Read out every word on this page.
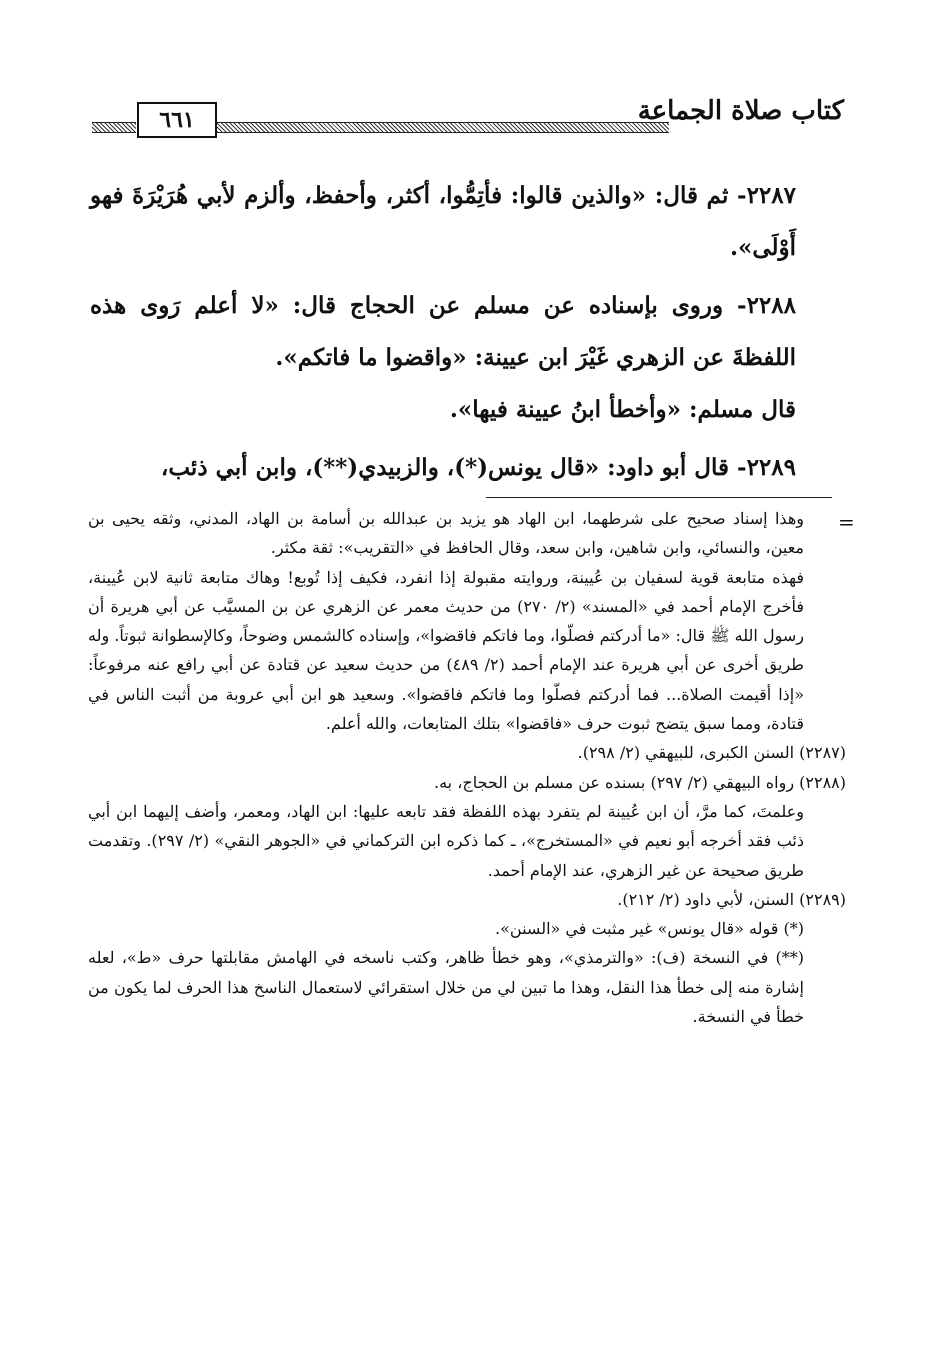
٦٦١	كتاب صلاة الجماعة

٢٢٨٧- ثم قال: «والذين قالوا: فأتِمُّوا، أكثر، وأحفظ، وألزم لأبي هُرَيْرَةَ فهو أَوْلَى».

٢٢٨٨- وروى بإسناده عن مسلم عن الحجاج قال: «لا أعلم رَوى هذه اللفظةَ عن الزهري غَيْرَ ابن عيينة: «واقضوا ما فاتكم».

قال مسلم: «وأخطأ ابنُ عيينة فيها».

٢٢٨٩- قال أبو داود: «قال يونس(*)، والزبيدي(**)، وابن أبي ذئب،

=

وهذا إسناد صحيح على شرطهما، ابن الهاد هو يزيد بن عبدالله بن أسامة بن الهاد، المدني، وثقه يحيى بن معين، والنسائي، وابن شاهين، وابن سعد، وقال الحافظ في «التقريب»: ثقة مكثر.

فهذه متابعة قوية لسفيان بن عُيينة، وروايته مقبولة إذا انفرد، فكيف إذا تُوبع! وهاك متابعة ثانية لابن عُيينة، فأخرج الإمام أحمد في «المسند» (٢/ ٢٧٠) من حديث معمر عن الزهري عن بن المسيَّب عن أبي هريرة أن رسول الله ﷺ قال: «ما أدركتم فصلّوا، وما فاتكم فاقضوا»، وإسناده كالشمس وضوحاً، وكالإسطوانة ثبوتاً. وله طريق أخرى عن أبي هريرة عند الإمام أحمد (٢/ ٤٨٩) من حديث سعيد عن قتادة عن أبي رافع عنه مرفوعاً: «إذا أقيمت الصلاة... فما أدركتم فصلّوا وما فاتكم فاقضوا». وسعيد هو ابن أبي عروبة من أثبت الناس في قتادة، ومما سبق يتضح ثبوت حرف «فاقضوا» بتلك المتابعات، والله أعلم.

(٢٢٨٧) السنن الكبرى، للبيهقي (٢/ ٢٩٨).

(٢٢٨٨) رواه البيهقي (٢/ ٢٩٧) بسنده عن مسلم بن الحجاج، به.

وعلمتَ، كما مرَّ، أن ابن عُيينة لم يتفرد بهذه اللفظة فقد تابعه عليها: ابن الهاد، ومعمر، وأضف إليهما ابن أبي ذئب فقد أخرجه أبو نعيم في «المستخرج»، ـ كما ذكره ابن التركماني في «الجوهر النقي» (٢/ ٢٩٧). وتقدمت طريق صحيحة عن غير الزهري، عند الإمام أحمد.

(٢٢٨٩) السنن، لأبي داود (٢/ ٢١٢).

(*) قوله «قال يونس» غير مثبت في «السنن».

(**) في النسخة (ف): «والترمذي»، وهو خطأ ظاهر، وكتب ناسخه في الهامش مقابلتها حرف «ط»، لعله إشارة منه إلى خطأ هذا النقل، وهذا ما تبين لي من خلال استقرائي لاستعمال الناسخ هذا الحرف لما يكون من خطأ في النسخة.
